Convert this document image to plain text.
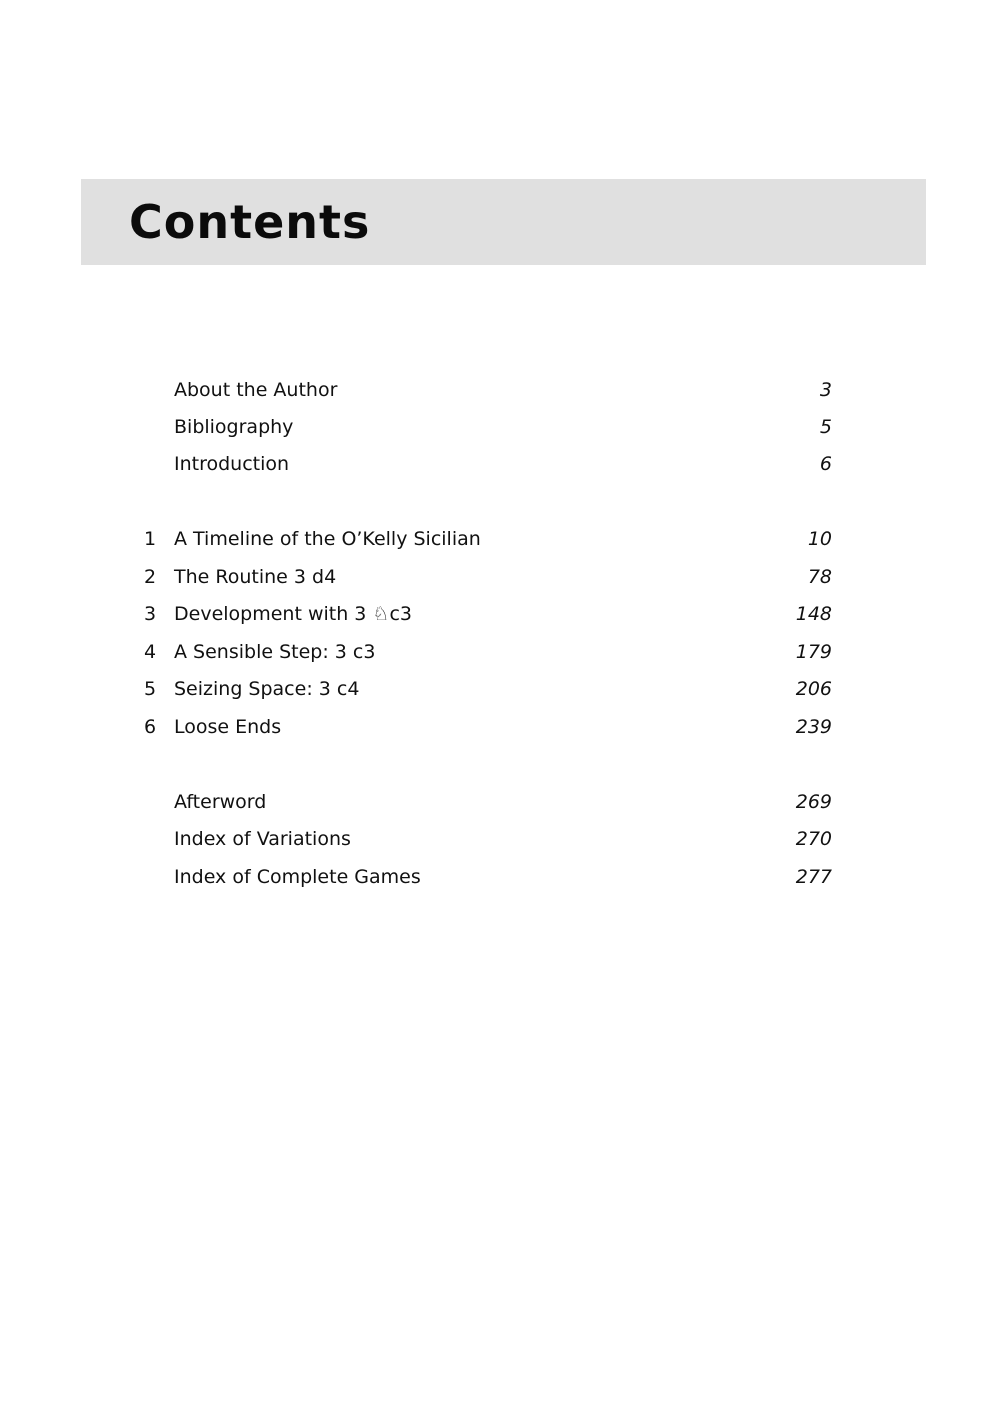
Contents
About the Author	3
Bibliography	5
Introduction	6
1 A Timeline of the O’Kelly Sicilian	10
2 The Routine 3 d4	78
3 Development with 3 ♘c3	148
4 A Sensible Step: 3 c3	179
5 Seizing Space: 3 c4	206
6 Loose Ends	239
Afterword	269
Index of Variations	270
Index of Complete Games	277
